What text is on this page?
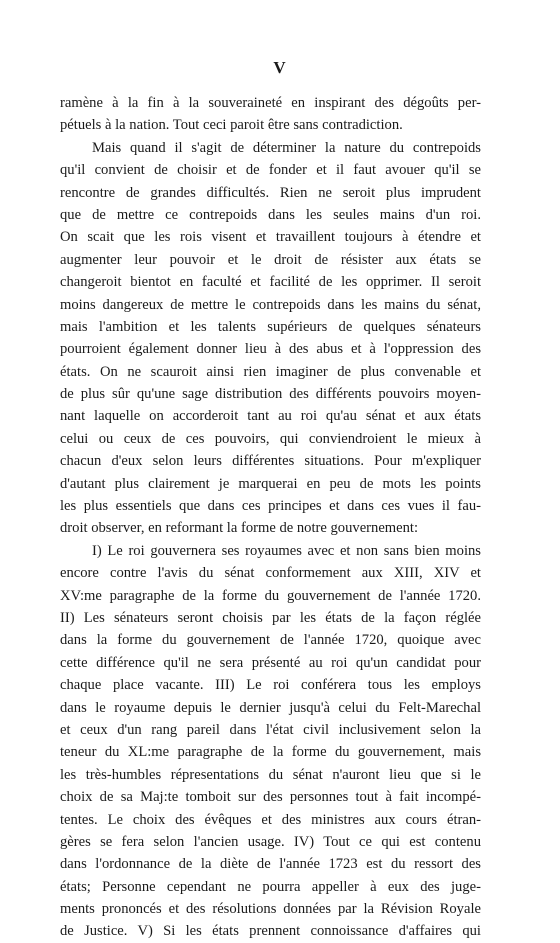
V
ramène à la fin à la souveraineté en inspirant des dégoûts per-
pétuels à la nation. Tout ceci paroit être sans contradiction.
Mais quand il s'agit de déterminer la nature du contrepoids
qu'il convient de choisir et de fonder et il faut avouer qu'il se
rencontre de grandes difficultés. Rien ne seroit plus imprudent
que de mettre ce contrepoids dans les seules mains d'un roi.
On scait que les rois visent et travaillent toujours à étendre et
augmenter leur pouvoir et le droit de résister aux états se
changeroit bientot en faculté et facilité de les opprimer. Il seroit
moins dangereux de mettre le contrepoids dans les mains du sénat,
mais l'ambition et les talents supérieurs de quelques sénateurs
pourroient également donner lieu à des abus et à l'oppression des
états. On ne scauroit ainsi rien imaginer de plus convenable et
de plus sûr qu'une sage distribution des différents pouvoirs moyen-
nant laquelle on accorderoit tant au roi qu'au sénat et aux états
celui ou ceux de ces pouvoirs, qui conviendroient le mieux à
chacun d'eux selon leurs différentes situations. Pour m'expliquer
d'autant plus clairement je marquerai en peu de mots les points
les plus essentiels que dans ces principes et dans ces vues il fau-
droit observer, en reformant la forme de notre gouvernement:
I) Le roi gouvernera ses royaumes avec et non sans bien moins
encore contre l'avis du sénat conformement aux XIII, XIV et
XV:me paragraphe de la forme du gouvernement de l'année 1720.
II) Les sénateurs seront choisis par les états de la façon réglée
dans la forme du gouvernement de l'année 1720, quoique avec
cette différence qu'il ne sera présenté au roi qu'un candidat pour
chaque place vacante. III) Le roi conférera tous les employs
dans le royaume depuis le dernier jusqu'à celui du Felt-Marechal
et ceux d'un rang pareil dans l'état civil inclusivement selon la
teneur du XL:me paragraphe de la forme du gouvernement, mais
les très-humbles répresentations du sénat n'auront lieu que si le
choix de sa Maj:te tomboit sur des personnes tout à fait incompé-
tentes. Le choix des évêques et des ministres aux cours étran-
gères se fera selon l'ancien usage. IV) Tout ce qui est contenu
dans l'ordonnance de la diète de l'année 1723 est du ressort des
états; Personne cependant ne pourra appeller à eux des juge-
ments prononcés et des résolutions données par la Révision Royale
de Justice. V) Si les états prennent connoissance d'affaires qui
